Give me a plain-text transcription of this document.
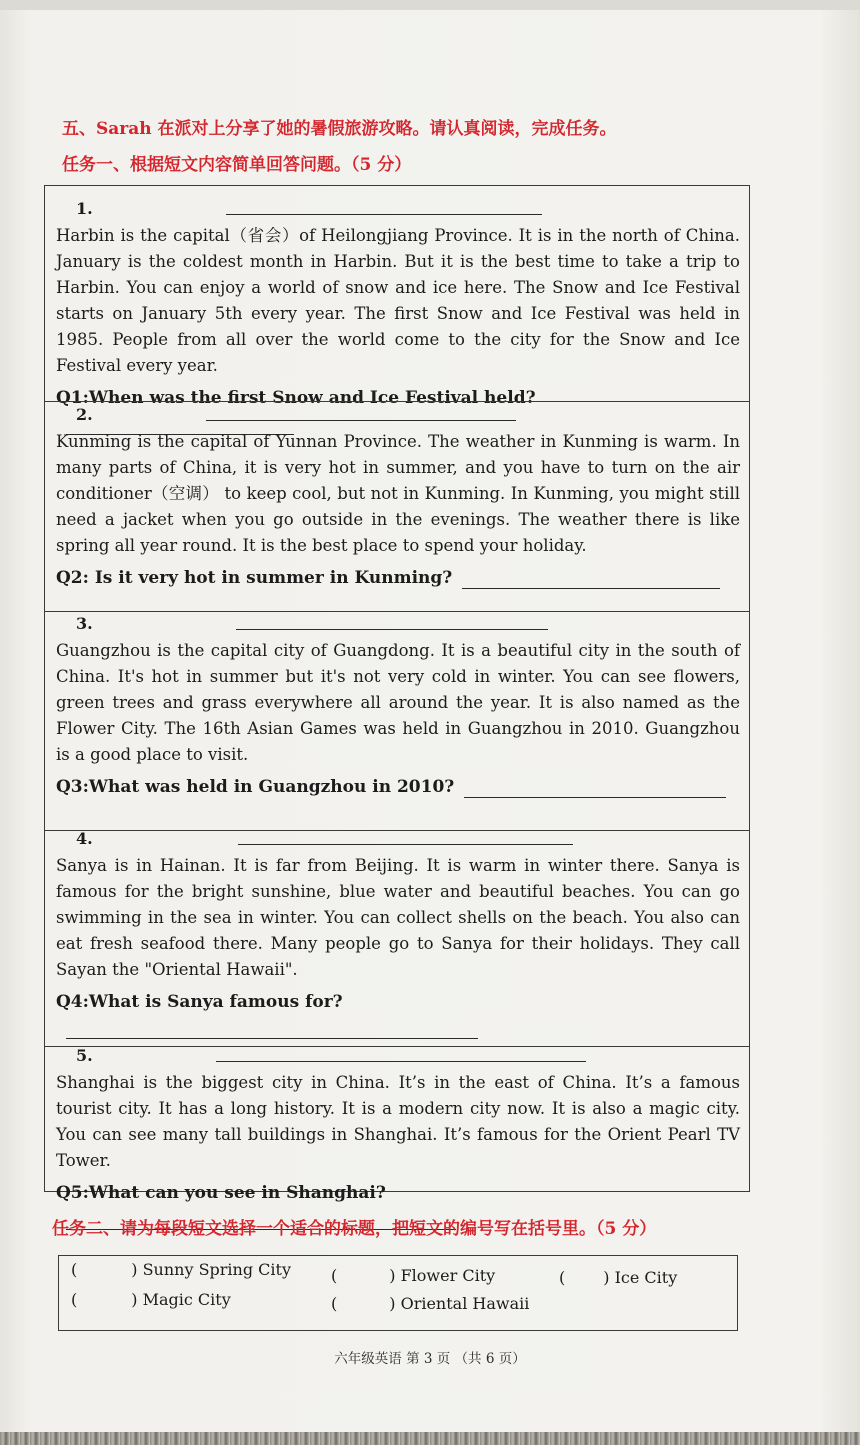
五、Sarah 在派对上分享了她的暑假旅游攻略。请认真阅读，完成任务。
任务一、根据短文内容简单回答问题。（5 分）
1.

Harbin is the capital（省会）of Heilongjiang Province. It is in the north of China. January is the coldest month in Harbin. But it is the best time to take a trip to Harbin. You can enjoy a world of snow and ice here. The Snow and Ice Festival starts on January 5th every year. The first Snow and Ice Festival was held in 1985. People from all over the world come to the city for the Snow and Ice Festival every year.

Q1:When was the first Snow and Ice Festival held?
2.

Kunming is the capital of Yunnan Province. The weather in Kunming is warm. In many parts of China, it is very hot in summer, and you have to turn on the air conditioner（空调） to keep cool, but not in Kunming. In Kunming, you might still need a jacket when you go outside in the evenings. The weather there is like spring all year round. It is the best place to spend your holiday.

Q2: Is it very hot in summer in Kunming?
3.

Guangzhou is the capital city of Guangdong. It is a beautiful city in the south of China. It's hot in summer but it's not very cold in winter. You can see flowers, green trees and grass everywhere all around the year. It is also named as the Flower City. The 16th Asian Games was held in Guangzhou in 2010. Guangzhou is a good place to visit.

Q3:What was held in Guangzhou in 2010?
4.

Sanya is in Hainan. It is far from Beijing. It is warm in winter there. Sanya is famous for the bright sunshine, blue water and beautiful beaches. You can go swimming in the sea in winter. You can collect shells on the beach. You also can eat fresh seafood there. Many people go to Sanya for their holidays. They call Sayan the "Oriental Hawaii".

Q4:What is Sanya famous for?
5.

Shanghai is the biggest city in China. It’s in the east of China. It’s a famous tourist city. It has a long history. It is a modern city now. It is also a magic city. You can see many tall buildings in Shanghai. It’s famous for the Orient Pearl TV Tower.

Q5:What can you see in Shanghai?
任务二、请为每段短文选择一个适合的标题，把短文的编号写在括号里。（5 分）
(	) Sunny Spring City (	) Flower City	( ) Ice City
(	) Magic City	(	) Oriental Hawaii
六年级英语 第 3 页 （共 6 页）
